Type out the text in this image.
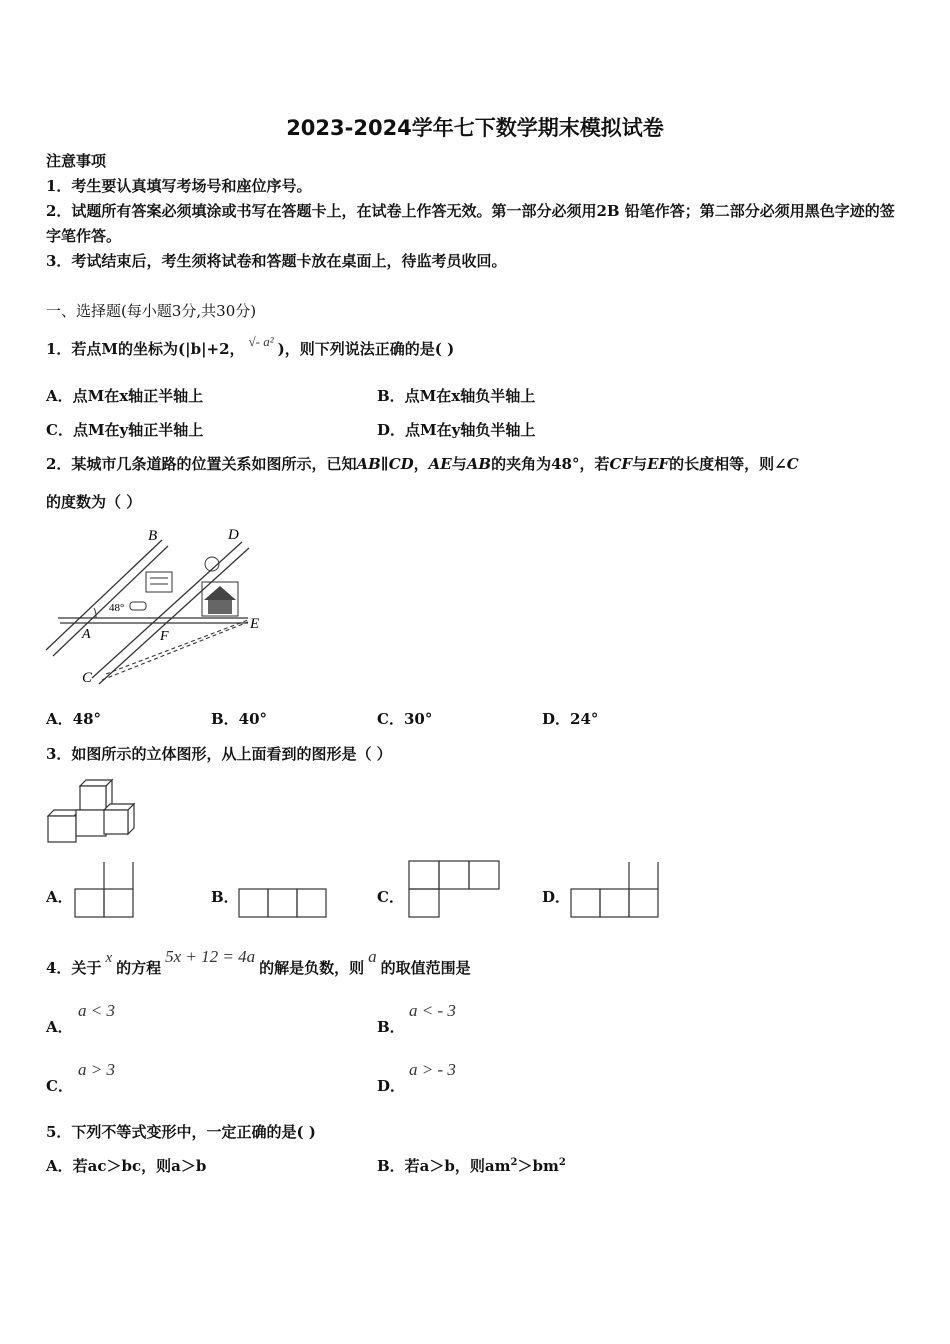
2023-2024学年七下数学期末模拟试卷
注意事项
1．考生要认真填写考场号和座位序号。
2．试题所有答案必须填涂或书写在答题卡上，在试卷上作答无效。第一部分必须用2B 铅笔作答；第二部分必须用黑色字迹的签字笔作答。
3．考试结束后，考生须将试卷和答题卡放在桌面上，待监考员收回。
一、选择题(每小题3分,共30分)
1．若点M的坐标为(|b|+2， √- a² )，则下列说法正确的是( )
A．点M在x轴正半轴上	B．点M在x轴负半轴上
C．点M在y轴正半轴上	D．点M在y轴负半轴上
2．某城市几条道路的位置关系如图所示，已知AB∥CD，AE与AB的夹角为48°，若CF与EF的长度相等，则∠C
的度数为（ ）
B	D
48°
A	F
E
C
A．48°	B．40°	C．30°	D．24°
3．如图所示的立体图形，从上面看到的图形是（ ）
A．	B．	C．	D．
4．关于x的方程5x + 12 = 4a的解是负数，则a的取值范围是
A．
a < 3
B．
a < - 3
C．
a > 3
D．
a > - 3
5．下列不等式变形中，一定正确的是( )
A．若ac＞bc，则a＞b	B．若a＞b，则$am^2>bm^2$
